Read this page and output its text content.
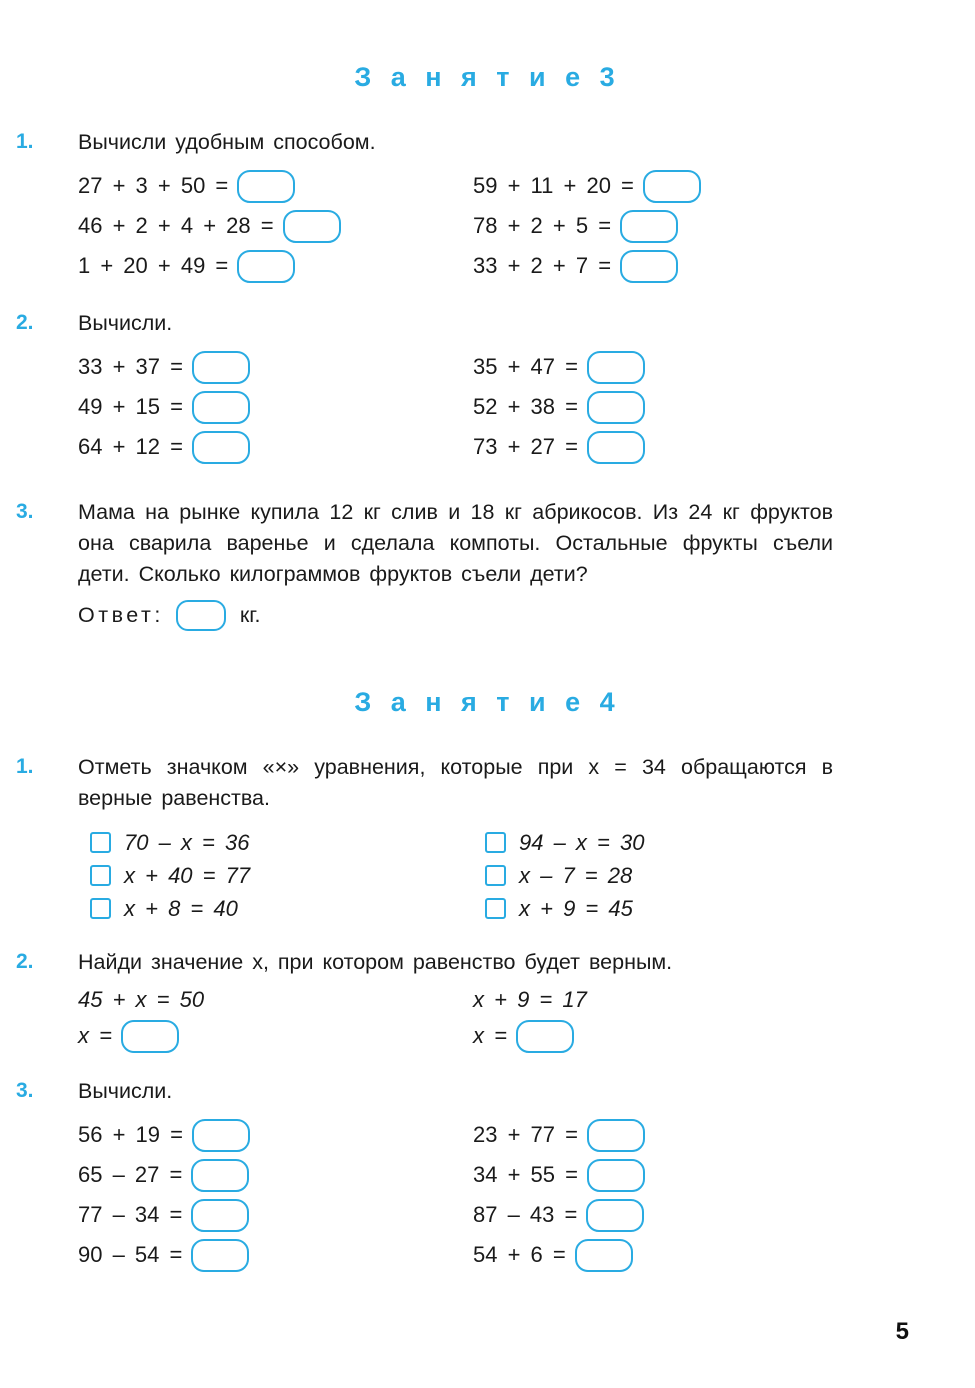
З а н я т и е 3
1. Вычисли удобным способом.
27 + 3 + 50 =
46 + 2 + 4 + 28 =
1 + 20 + 49 =
59 + 11 + 20 =
78 + 2 + 5 =
33 + 2 + 7 =
2. Вычисли.
33 + 37 =
49 + 15 =
64 + 12 =
35 + 47 =
52 + 38 =
73 + 27 =
3. Мама на рынке купила 12 кг слив и 18 кг абрикосов. Из 24 кг фруктов она сварила варенье и сделала компоты. Остальные фрукты съели дети. Сколько килограммов фруктов съели дети?
Ответ:	кг.
З а н я т и е 4
1. Отметь значком «×» уравнения, которые при x = 34 обращаются в верные равенства.
70 – x = 36
x + 40 = 77
x + 8 = 40
94 – x = 30
x – 7 = 28
x + 9 = 45
2. Найди значение x, при котором равенство будет верным.
45 + x = 50
x =
x + 9 = 17
x =
3. Вычисли.
56 + 19 =
65 – 27 =
77 – 34 =
90 – 54 =
23 + 77 =
34 + 55 =
87 – 43 =
54 + 6 =
5
